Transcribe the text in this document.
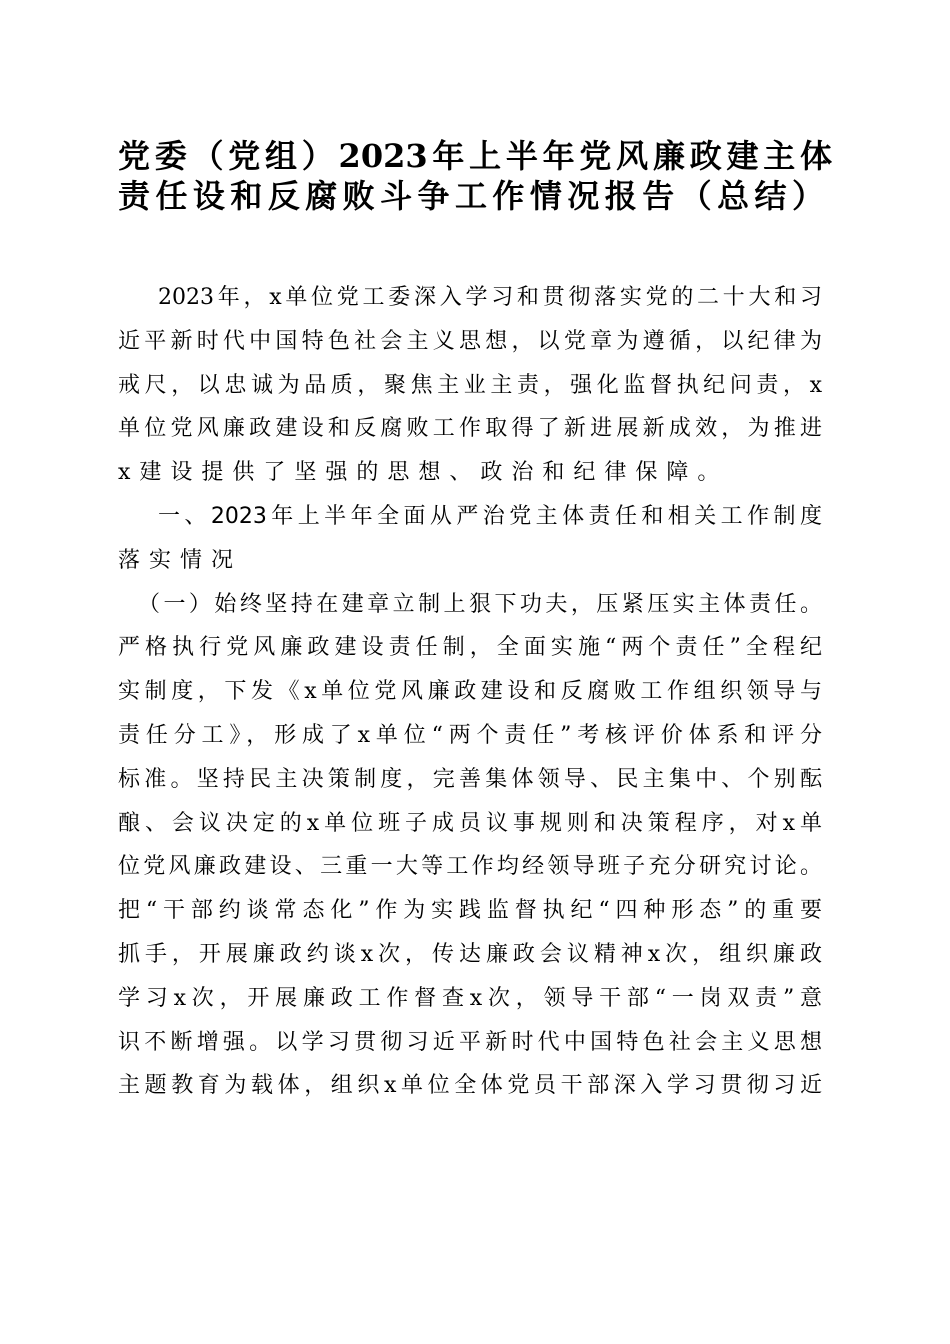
党委（党组）2023年上半年党风廉政建主体
责任设和反腐败斗争工作情况报告（总结）
2023年，x单位党工委深入学习和贯彻落实党的二十大和习
近平新时代中国特色社会主义思想，以党章为遵循，以纪律为
戒尺，以忠诚为品质，聚焦主业主责，强化监督执纪问责，x
单位党风廉政建设和反腐败工作取得了新进展新成效，为推进
x建设提供了坚强的思想、政治和纪律保障。
一、2023年上半年全面从严治党主体责任和相关工作制度
落实情况
（一）始终坚持在建章立制上狠下功夫，压紧压实主体责任。
严格执行党风廉政建设责任制，全面实施“两个责任”全程纪
实制度，下发《x单位党风廉政建设和反腐败工作组织领导与
责任分工》，形成了x单位“两个责任”考核评价体系和评分
标准。坚持民主决策制度，完善集体领导、民主集中、个别酝
酿、会议决定的x单位班子成员议事规则和决策程序，对x单
位党风廉政建设、三重一大等工作均经领导班子充分研究讨论。
把“干部约谈常态化”作为实践监督执纪“四种形态”的重要
抓手，开展廉政约谈x次，传达廉政会议精神x次，组织廉政
学习x次，开展廉政工作督查x次，领导干部“一岗双责”意
识不断增强。以学习贯彻习近平新时代中国特色社会主义思想
主题教育为载体，组织x单位全体党员干部深入学习贯彻习近
